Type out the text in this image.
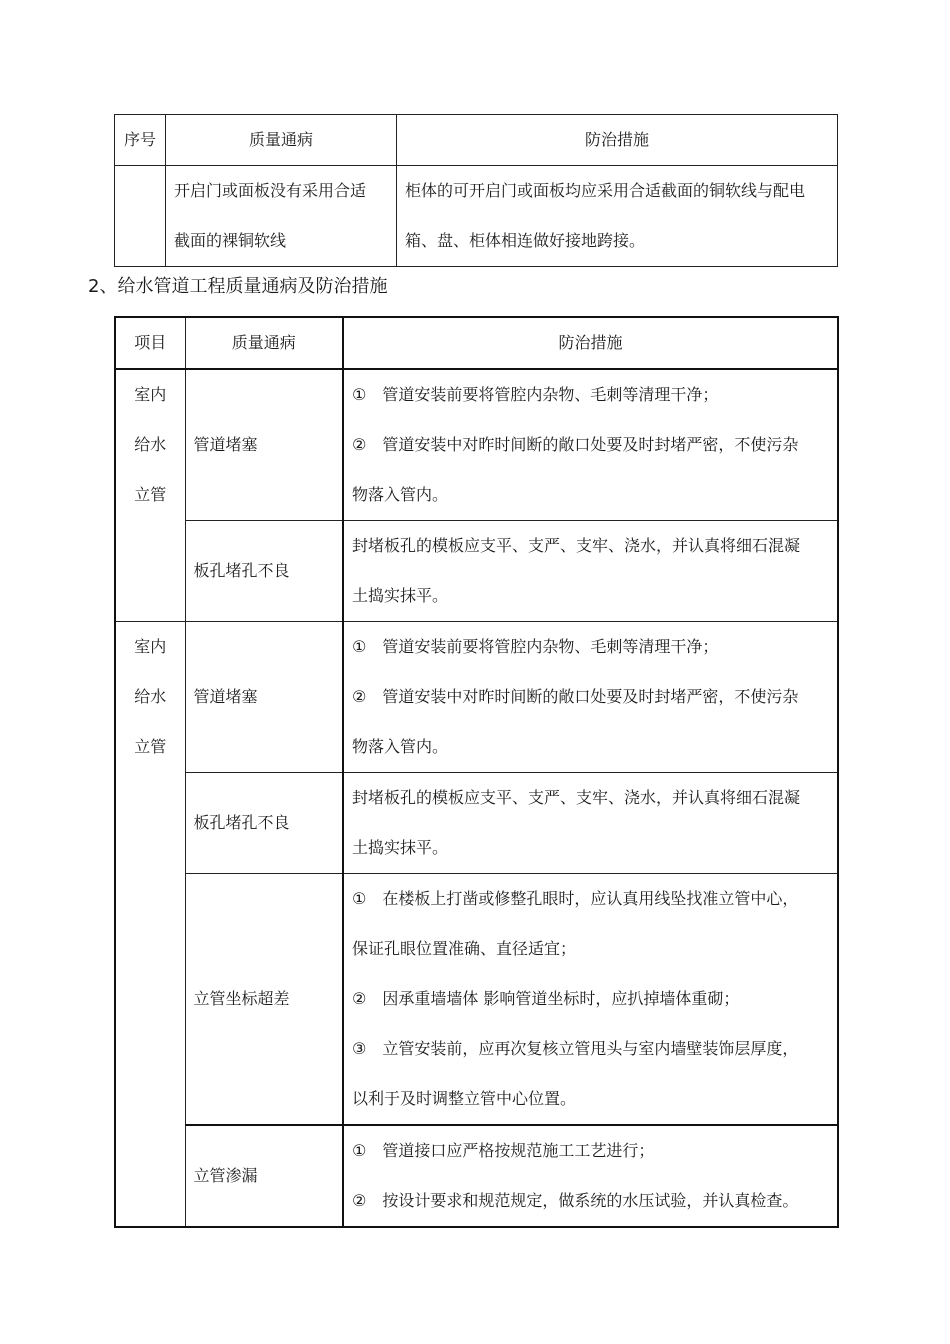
序号	质量通病	防治措施

	开启门或面板没有采用合适
截面的裸铜软线	柜体的可开启门或面板均应采用合适截面的铜软线与配电
箱、盘、柜体相连做好接地跨接。
2、给水管道工程质量通病及防治措施
项目	质量通病	防治措施

室内
给水
立管	管道堵塞	①　管道安装前要将管腔内杂物、毛刺等清理干净；
②　管道安装中对昨时间断的敞口处要及时封堵严密，不使污杂
物落入管内。

	板孔堵孔不良	封堵板孔的模板应支平、支严、支牢、浇水，并认真将细石混凝
土捣实抹平。

室内
给水
立管	管道堵塞	①　管道安装前要将管腔内杂物、毛刺等清理干净；
②　管道安装中对昨时间断的敞口处要及时封堵严密，不使污杂
物落入管内。

	板孔堵孔不良	封堵板孔的模板应支平、支严、支牢、浇水，并认真将细石混凝
土捣实抹平。

	立管坐标超差	①　在楼板上打凿或修整孔眼时，应认真用线坠找准立管中心，
保证孔眼位置准确、直径适宜；
②　因承重墙墙体 影响管道坐标时，应扒掉墙体重砌；
③　立管安装前，应再次复核立管甩头与室内墙壁装饰层厚度，
以利于及时调整立管中心位置。

	立管渗漏	①　管道接口应严格按规范施工工艺进行；
②　按设计要求和规范规定，做系统的水压试验，并认真检查。
